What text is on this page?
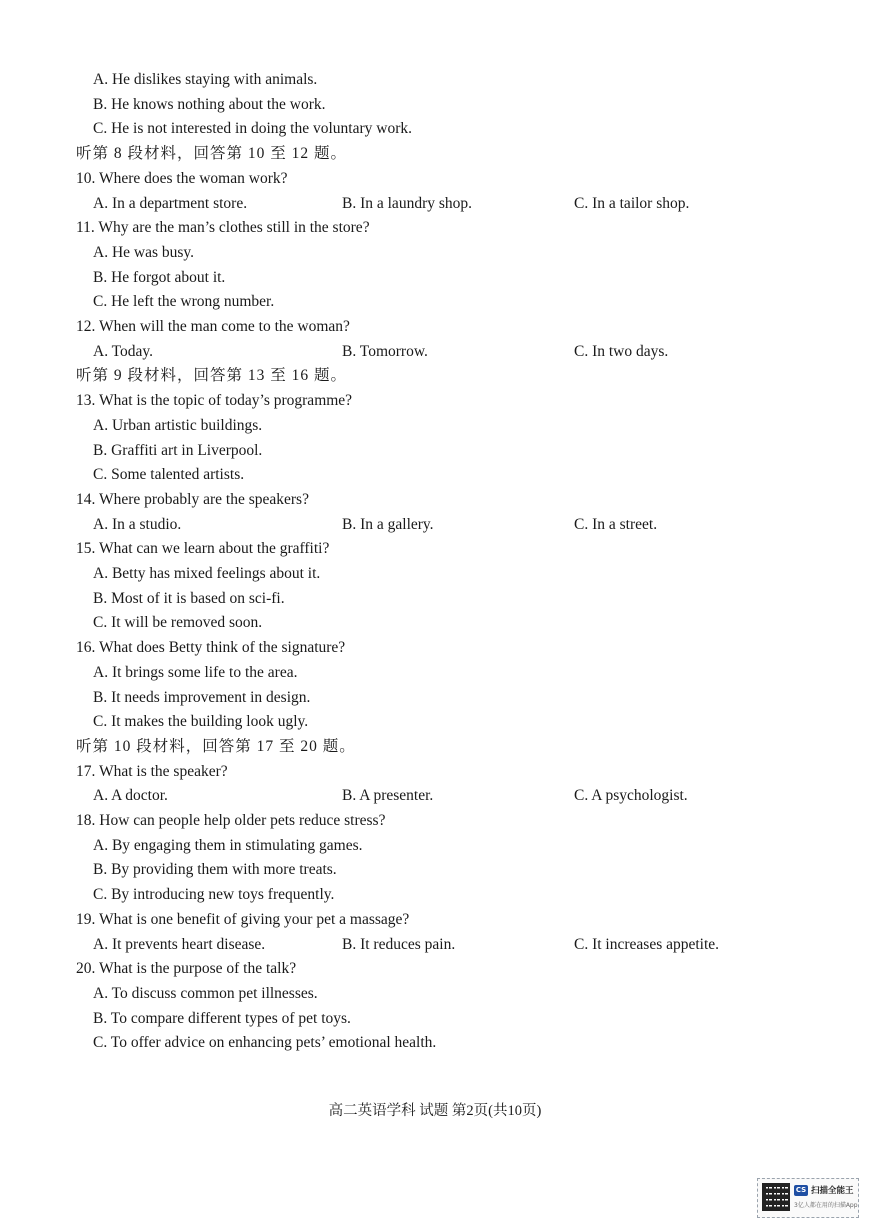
A. He dislikes staying with animals.
B. He knows nothing about the work.
C. He is not interested in doing the voluntary work.
听第 8 段材料，回答第 10 至 12 题。
10. Where does the woman work?
A. In a department store.	B. In a laundry shop.	C. In a tailor shop.
11. Why are the man’s clothes still in the store?
A. He was busy.
B. He forgot about it.
C. He left the wrong number.
12. When will the man come to the woman?
A. Today.	B. Tomorrow.	C. In two days.
听第 9 段材料，回答第 13 至 16 题。
13. What is the topic of today’s programme?
A. Urban artistic buildings.
B. Graffiti art in Liverpool.
C. Some talented artists.
14. Where probably are the speakers?
A. In a studio.	B. In a gallery.	C. In a street.
15. What can we learn about the graffiti?
A. Betty has mixed feelings about it.
B. Most of it is based on sci-fi.
C. It will be removed soon.
16. What does Betty think of the signature?
A. It brings some life to the area.
B. It needs improvement in design.
C. It makes the building look ugly.
听第 10 段材料，回答第 17 至 20 题。
17. What is the speaker?
A. A doctor.	B. A presenter.	C. A psychologist.
18. How can people help older pets reduce stress?
A. By engaging them in stimulating games.
B. By providing them with more treats.
C. By introducing new toys frequently.
19. What is one benefit of giving your pet a massage?
A. It prevents heart disease.	B. It reduces pain.	C. It increases appetite.
20. What is the purpose of the talk?
A. To discuss common pet illnesses.
B. To compare different types of pet toys.
C. To offer advice on enhancing pets’ emotional health.
高二英语学科 试题 第2页(共10页)
CS 扫描全能王
3亿人都在用的扫描App
